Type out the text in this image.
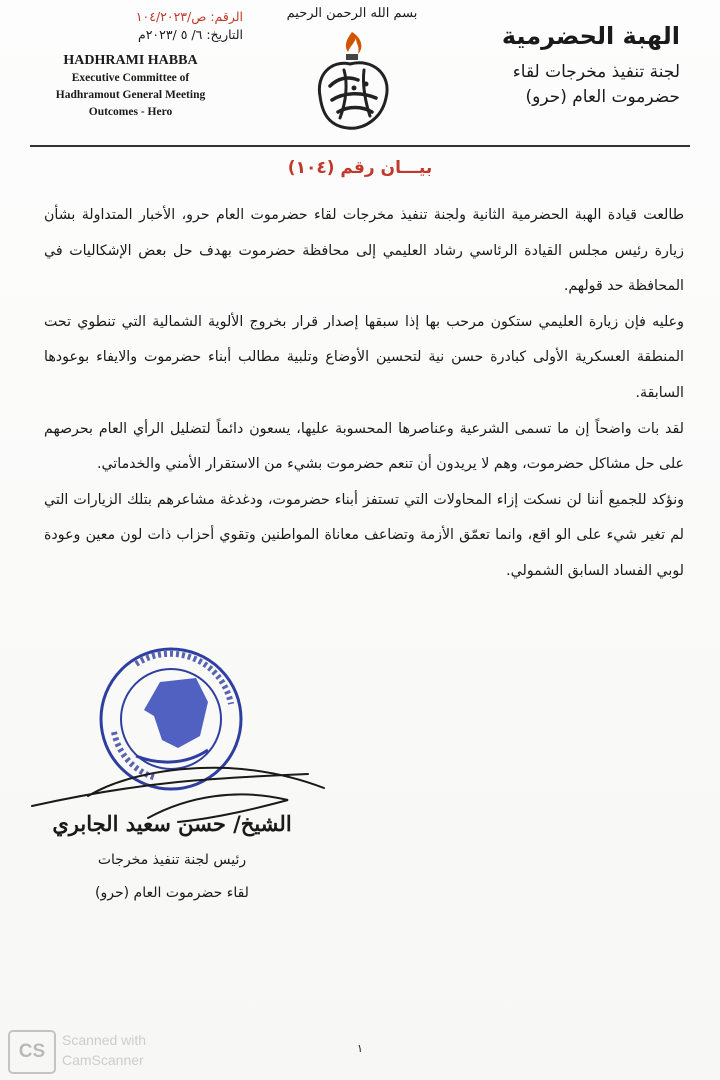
الهبة الحضرمية
لجنة تنفيذ مخرجات لقاء
حضرموت العام (حرو)
بسم الله الرحمن الرحيم
الرقم: ص/١٠٤/٢٠٢٣
التاريخ: ٦/ ٥ /٢٠٢٣م
HADHRAMI HABBA
Executive Committee of
Hadhramout General Meeting
Outcomes - Hero
بيـــان رقم (١٠٤)

طالعت قيادة الهبة الحضرمية الثانية ولجنة تنفيذ مخرجات لقاء حضرموت العام حرو، الأخبار المتداولة بشأن زيارة رئيس مجلس القيادة الرئاسي رشاد العليمي إلى محافظة حضرموت بهدف حل بعض الإشكاليات في المحافظة حد قولهم.

وعليه فإن زيارة العليمي ستكون مرحب بها إذا سبقها إصدار قرار بخروج الألوية الشمالية التي تنطوي تحت المنطقة العسكرية الأولى كبادرة حسن نية لتحسين الأوضاع وتلبية مطالب أبناء حضرموت والايفاء بوعودها السابقة.

لقد بات واضحاً إن ما تسمى الشرعية وعناصرها المحسوبة عليها، يسعون دائماً لتضليل الرأي العام بحرصهم على حل مشاكل حضرموت، وهم لا يريدون أن تنعم حضرموت بشيء من الاستقرار الأمني والخدماتي.

ونؤكد للجميع أننا لن نسكت إزاء المحاولات التي تستفز أبناء حضرموت، ودغدغة مشاعرهم بتلك الزيارات التي لم تغير شيء على الو اقع، وانما تعمّق الأزمة وتضاعف معاناة المواطنين وتقوي أحزاب ذات لون معين وعودة لوبي الفساد السابق الشمولي.

الشيخ/ حسن سعيد الجابري
رئيس لجنة تنفيذ مخرجات
لقاء حضرموت العام (حرو)
CS
Scanned with
CamScanner
١
